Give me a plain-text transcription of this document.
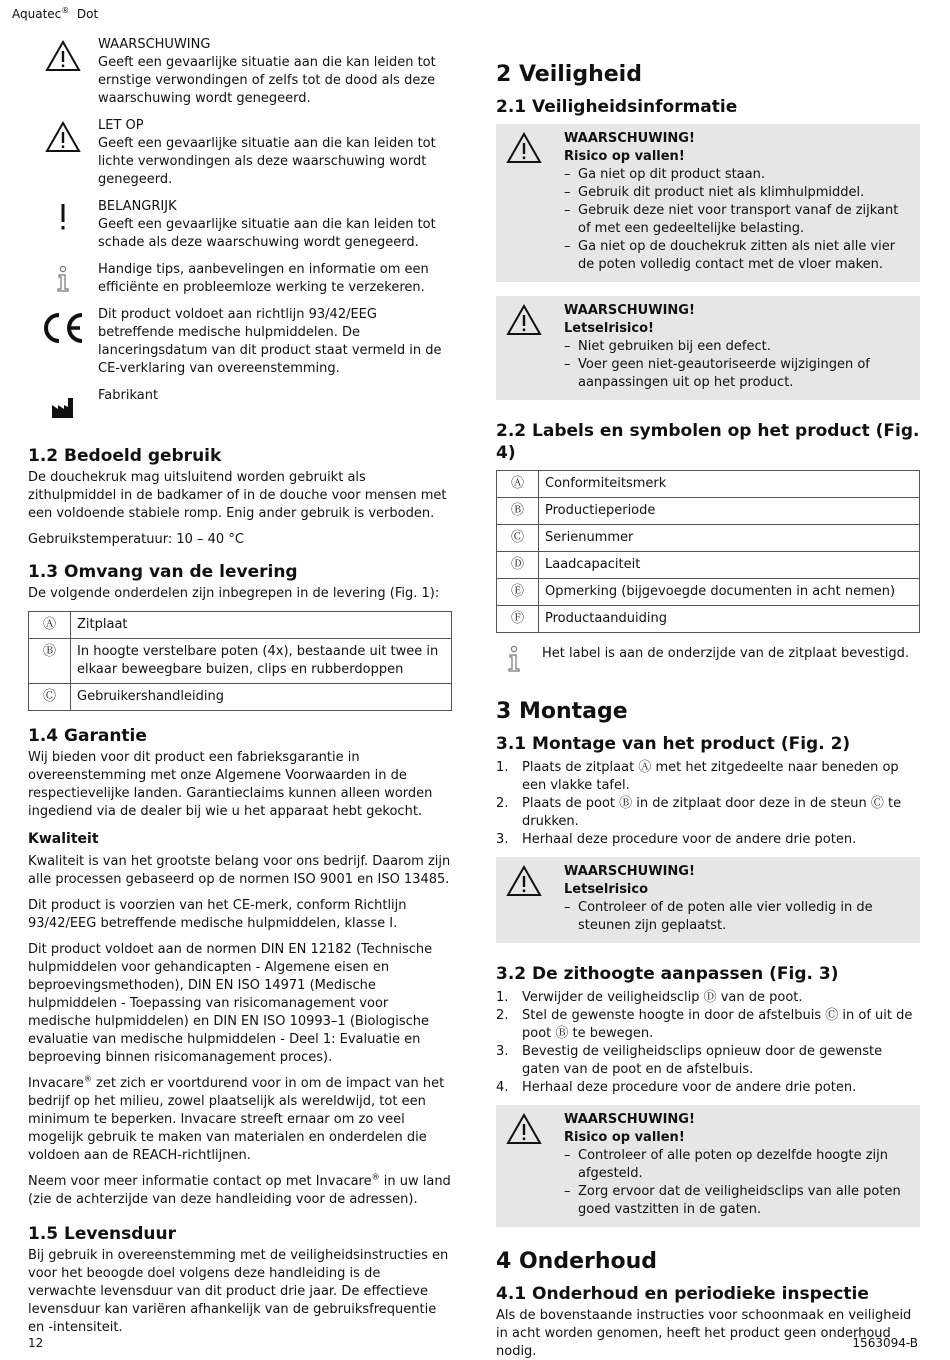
Aquatec® Dot
12	1563094-B
WAARSCHUWING
Geeft een gevaarlijke situatie aan die kan leiden tot ernstige verwondingen of zelfs tot de dood als deze waarschuwing wordt genegeerd.
LET OP
Geeft een gevaarlijke situatie aan die kan leiden tot lichte verwondingen als deze waarschuwing wordt genegeerd.
BELANGRIJK
Geeft een gevaarlijke situatie aan die kan leiden tot schade als deze waarschuwing wordt genegeerd.
Handige tips, aanbevelingen en informatie om een efficiënte en probleemloze werking te verzekeren.
Dit product voldoet aan richtlijn 93/42/EEG betreffende medische hulpmiddelen. De lanceringsdatum van dit product staat vermeld in de CE-verklaring van overeenstemming.
Fabrikant
1.2 Bedoeld gebruik

De douchekruk mag uitsluitend worden gebruikt als zithulpmiddel in de badkamer of in de douche voor mensen met een voldoende stabiele romp. Enig ander gebruik is verboden.

Gebruikstemperatuur: 10 – 40 °C

1.3 Omvang van de levering

De volgende onderdelen zijn inbegrepen in de levering (Fig. 1):

Ⓐ	Zitplaat
Ⓑ	In hoogte verstelbare poten (4x), bestaande uit twee in elkaar beweegbare buizen, clips en rubberdoppen
Ⓒ	Gebruikershandleiding
1.4 Garantie

Wij bieden voor dit product een fabrieksgarantie in overeenstemming met onze Algemene Voorwaarden in de respectievelijke landen. Garantieclaims kunnen alleen worden ingediend via de dealer bij wie u het apparaat hebt gekocht.

Kwaliteit

Kwaliteit is van het grootste belang voor ons bedrijf. Daarom zijn alle processen gebaseerd op de normen ISO 9001 en ISO 13485.

Dit product is voorzien van het CE-merk, conform Richtlijn 93/42/EEG betreffende medische hulpmiddelen, klasse I.

Dit product voldoet aan de normen DIN EN 12182 (Technische hulpmiddelen voor gehandicapten - Algemene eisen en beproevingsmethoden), DIN EN ISO 14971 (Medische hulpmiddelen - Toepassing van risicomanagement voor medische hulpmiddelen) en DIN EN ISO 10993–1 (Biologische evaluatie van medische hulpmiddelen - Deel 1: Evaluatie en beproeving binnen risicomanagement proces).

Invacare® zet zich er voortdurend voor in om de impact van het bedrijf op het milieu, zowel plaatselijk als wereldwijd, tot een minimum te beperken. Invacare streeft ernaar om zo veel mogelijk gebruik te maken van materialen en onderdelen die voldoen aan de REACH-richtlijnen.

Neem voor meer informatie contact op met Invacare® in uw land (zie de achterzijde van deze handleiding voor de adressen).

1.5 Levensduur

Bij gebruik in overeenstemming met de veiligheidsinstructies en voor het beoogde doel volgens deze handleiding is de verwachte levensduur van dit product drie jaar. De effectieve levensduur kan variëren afhankelijk van de gebruiksfrequentie en -intensiteit.

2 Veiligheid
2.1 Veiligheidsinformatie
WAARSCHUWING!
Risico op vallen!
– Ga niet op dit product staan.
– Gebruik dit product niet als klimhulpmiddel.
– Gebruik deze niet voor transport vanaf de zijkant of met een gedeeltelijke belasting.
– Ga niet op de douchekruk zitten als niet alle vier de poten volledig contact met de vloer maken.
WAARSCHUWING!
Letselrisico!
– Niet gebruiken bij een defect.
– Voer geen niet-geautoriseerde wijzigingen of aanpassingen uit op het product.
2.2 Labels en symbolen op het product (Fig. 4)
Ⓐ	Conformiteitsmerk
Ⓑ	Productieperiode
Ⓒ	Serienummer
Ⓓ	Laadcapaciteit
Ⓔ	Opmerking (bijgevoegde documenten in acht nemen)
Ⓕ	Productaanduiding
Het label is aan de onderzijde van de zitplaat bevestigd.
3 Montage
3.1 Montage van het product (Fig. 2)
1.	Plaats de zitplaat Ⓐ met het zitgedeelte naar beneden op een vlakke tafel.
2.	Plaats de poot Ⓑ in de zitplaat door deze in de steun Ⓒ te drukken.
3.	Herhaal deze procedure voor de andere drie poten.
WAARSCHUWING!
Letselrisico
– Controleer of de poten alle vier volledig in de steunen zijn geplaatst.
3.2 De zithoogte aanpassen (Fig. 3)
1.	Verwijder de veiligheidsclip Ⓓ van de poot.
2.	Stel de gewenste hoogte in door de afstelbuis Ⓒ in of uit de poot Ⓑ te bewegen.
3.	Bevestig de veiligheidsclips opnieuw door de gewenste gaten van de poot en de afstelbuis.
4.	Herhaal deze procedure voor de andere drie poten.
WAARSCHUWING!
Risico op vallen!
– Controleer of alle poten op dezelfde hoogte zijn afgesteld.
– Zorg ervoor dat de veiligheidsclips van alle poten goed vastzitten in de gaten.
4 Onderhoud
4.1 Onderhoud en periodieke inspectie

Als de bovenstaande instructies voor schoonmaak en veiligheid in acht worden genomen, heeft het product geen onderhoud nodig.
